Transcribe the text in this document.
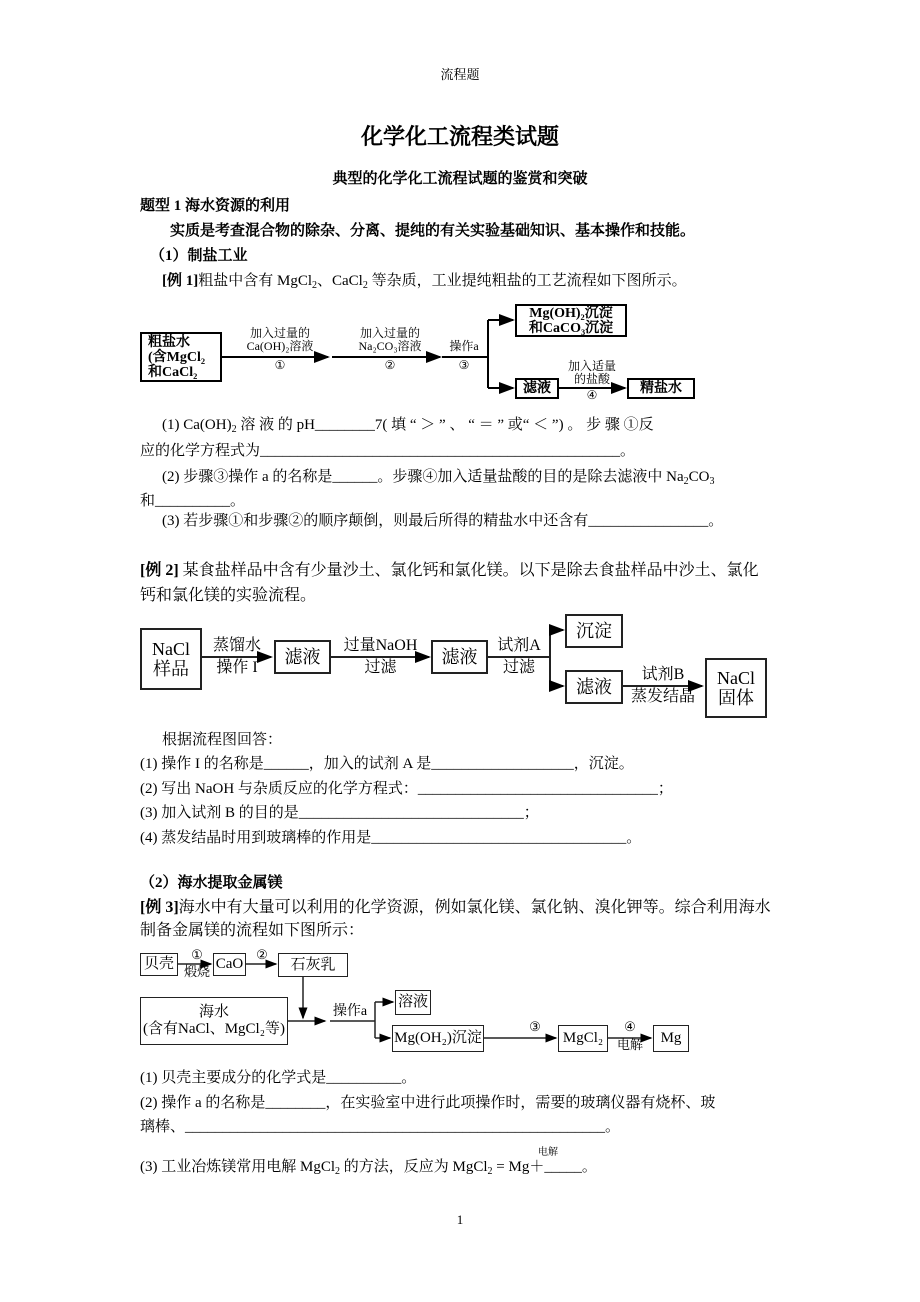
流程题
化学化工流程类试题
典型的化学化工流程试题的鉴赏和突破
题型 1 海水资源的利用
实质是考查混合物的除杂、分离、提纯的有关实验基础知识、基本操作和技能。
（1）制盐工业
[例 1]粗盐中含有 MgCl$_2$、CaCl$_2$ 等杂质，工业提纯粗盐的工艺流程如下图所示。
粗盐水
(含MgCl₂
和CaCl₂
加入过量的
Ca(OH)₂溶液
①
加入过量的
Na₂CO₃溶液
②
操作a
③
Mg(OH)₂沉淀
和CaCO₃沉淀
滤液
加入适量
的盐酸
④	精盐水
(1) $Ca(OH)_2$ 溶 液 的 pH________7( 填 “ ＞ ” 、 “ ＝ ” 或“ ＜ ”) 。 步 骤 ①反
应的化学方程式为________________________________________________。
(2) 步骤③操作 a 的名称是______。步骤④加入适量盐酸的目的是除去滤液中 $Na_2CO_3$
和__________。
(3) 若步骤①和步骤②的顺序颠倒，则最后所得的精盐水中还含有________________。
[例 2] 某食盐样品中含有少量沙土、氯化钙和氯化镁。以下是除去食盐样品中沙土、氯化
钙和氯化镁的实验流程。
NaCl
样品
蒸馏水
操作 I
滤液
过量NaOH
过滤
滤液
试剂A
过滤
沉淀
滤液
试剂B
蒸发结晶
NaCl
固体
根据流程图回答：
(1) 操作 I 的名称是______，加入的试剂 A 是___________________，沉淀。
(2) 写出 NaOH 与杂质反应的化学方程式：________________________________；
(3) 加入试剂 B 的目的是______________________________；
(4) 蒸发结晶时用到玻璃棒的作用是__________________________________。
（2）海水提取金属镁
[例 3]海水中有大量可以利用的化学资源，例如氯化镁、氯化钠、溴化钾等。综合利用海水
制备金属镁的流程如下图所示：
贝壳
①
煅烧 CaO
②
石灰乳
海水
(含有NaCl、MgCl₂等)
操作a
溶液
Mg(OH₂)沉淀
③
MgCl₂
④
电解	Mg
(1) 贝壳主要成分的化学式是__________。
(2) 操作 a 的名称是________，在实验室中进行此项操作时，需要的玻璃仪器有烧杯、玻
璃棒、________________________________________________________。
电解
(3) 工业冶炼镁常用电解 MgCl$_2$ 的方法，反应为 MgCl$_2$ = Mg＋_____。
1
